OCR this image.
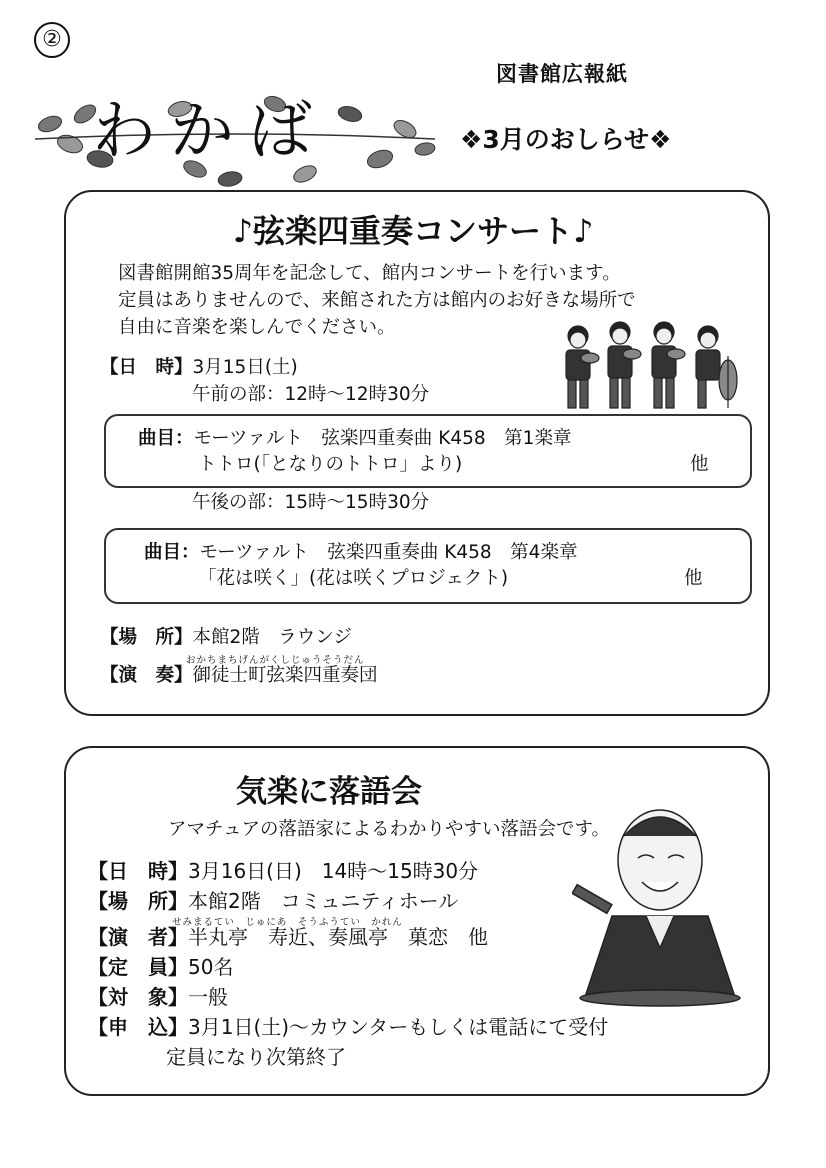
②
図書館広報紙
わかば	❖3月のおしらせ❖
♪弦楽四重奏コンサート♪
図書館開館35周年を記念して、館内コンサートを行います。
定員はありませんので、来館された方は館内のお好きな場所で
自由に音楽を楽しんでください。
【日　時】3月15日(土)
午前の部：12時～12時30分
曲目：モーツァルト　弦楽四重奏曲 K458　第1楽章
トトロ(「となりのトトロ」より)	他
午後の部：15時～15時30分
曲目：モーツァルト　弦楽四重奏曲 K458　第4楽章
「花は咲く」(花は咲くプロジェクト)	他
【場　所】本館2階　ラウンジ
おかちまちげんがくしじゅうそうだん
【演　奏】御徒士町弦楽四重奏団
気楽に落語会
アマチュアの落語家によるわかりやすい落語会です。
【日　時】3月16日(日)　14時～15時30分
【場　所】本館2階　コミュニティホール
せみまるてい　じゅにあ　そうふうてい　かれん
【演　者】半丸亭　寿近、奏風亭　菓恋　他
【定　員】50名
【対　象】一般
【申　込】3月1日(土)～カウンターもしくは電話にて受付
定員になり次第終了
